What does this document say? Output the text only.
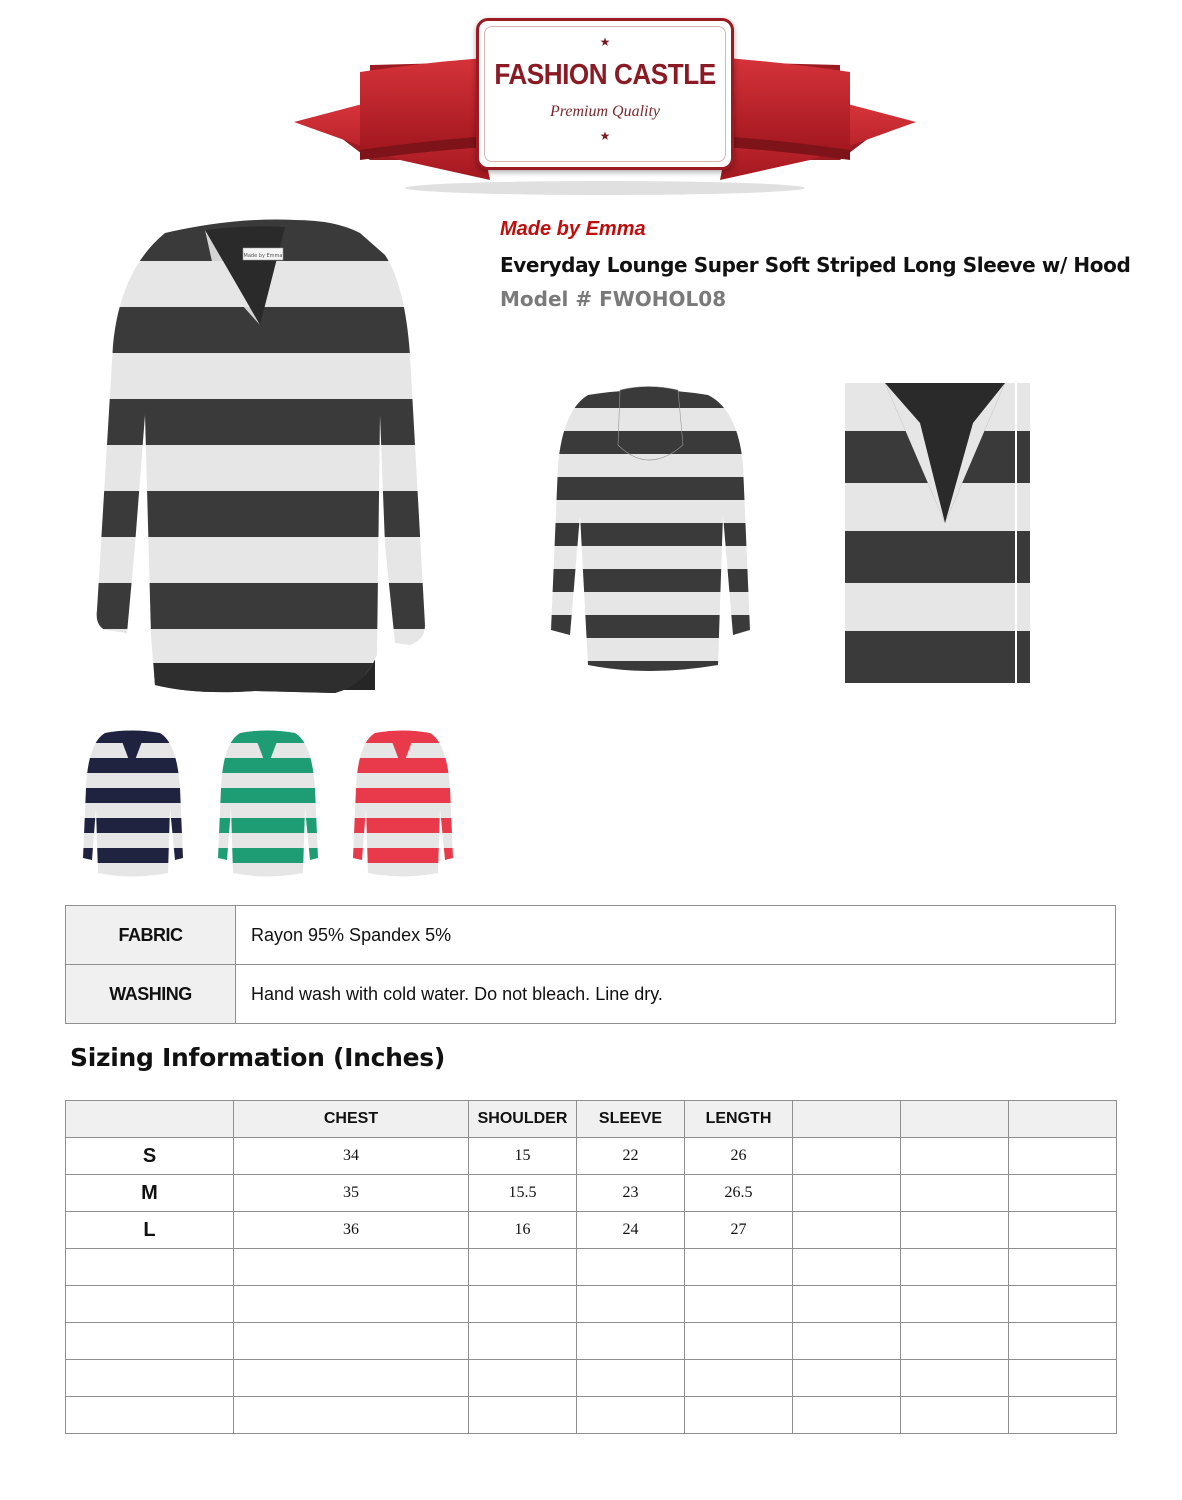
★
FASHION CASTLE
Premium Quality
★
Made by Emma
Made by Emma
Everyday Lounge Super Soft Striped Long Sleeve w/ Hood
Model # FWOHOL08
FABRIC	Rayon 95% Spandex 5%
WASHING	Hand wash with cold water. Do not bleach. Line dry.
Sizing Information (Inches)
	CHEST	SHOULDER	SLEEVE	LENGTH			
S	34	15	22	26			
M	35	15.5	23	26.5			
L	36	16	24	27			
